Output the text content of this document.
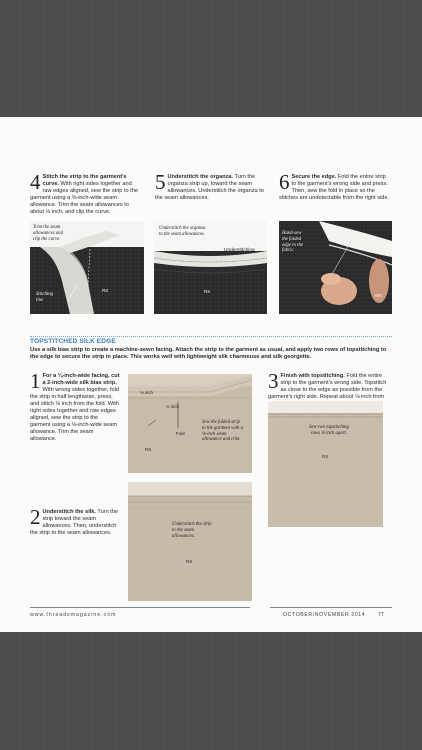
4 Stitch the strip to the garment’s curve. With right sides together and raw edges aligned, sew the strip to the garment using a ⅜-inch-wide seam allowance. Trim the seam allowances to about ⅛ inch, and clip the curve.
Trim the seam allowances and clip the curve.
Stitching line
RS
5 Understitch the organza. Turn the organza strip up, toward the seam allowances. Understitch the organza to the seam allowances.
Understitch the organza to the seam allowances.
Understitching
RS
6 Secure the edge. Fold the entire strip to the garment’s wrong side and press. Then, sew the fold in place so the stitches are undetectable from the right side.
Hand-sew the folded edge to the fabric.
WS
TOPSTITCHED SILK EDGE
Use a silk bias strip to create a machine-sewn facing. Attach the strip to the garment as usual, and apply two rows of topstitching to the edge to secure the strip in place. This works well with lightweight silk charmeuse and silk georgette.
1 For a ⅛-inch-wide facing, cut a 2-inch-wide silk bias strip. With wrong sides together, fold the strip in half lengthwise, press, and stitch ⅛ inch from the fold. With right sides together and raw edges aligned, sew the strip to the garment using a ⅛-inch-wide seam allowance. Trim the seam allowance.
⅛ inch
¼ inch
Fold
Sew the folded strip to the garment with a ⅛-inch seam allowance and trim.
RS
2 Understitch the silk. Turn the strip toward the seam allowances. Then, understitch the strip to the seam allowances.
Understitch the strip to the seam allowances.
RS
3 Finish with topstitching. Fold the entire strip to the garment’s wrong side. Topstitch as close to the edge as possible from the garment’s right side. Repeat about ⅛ inch from
Sew two topstitching rows ⅛ inch apart.
RS
www.threadsmagazine.com	OCTOBER/NOVEMBER 2014 77
